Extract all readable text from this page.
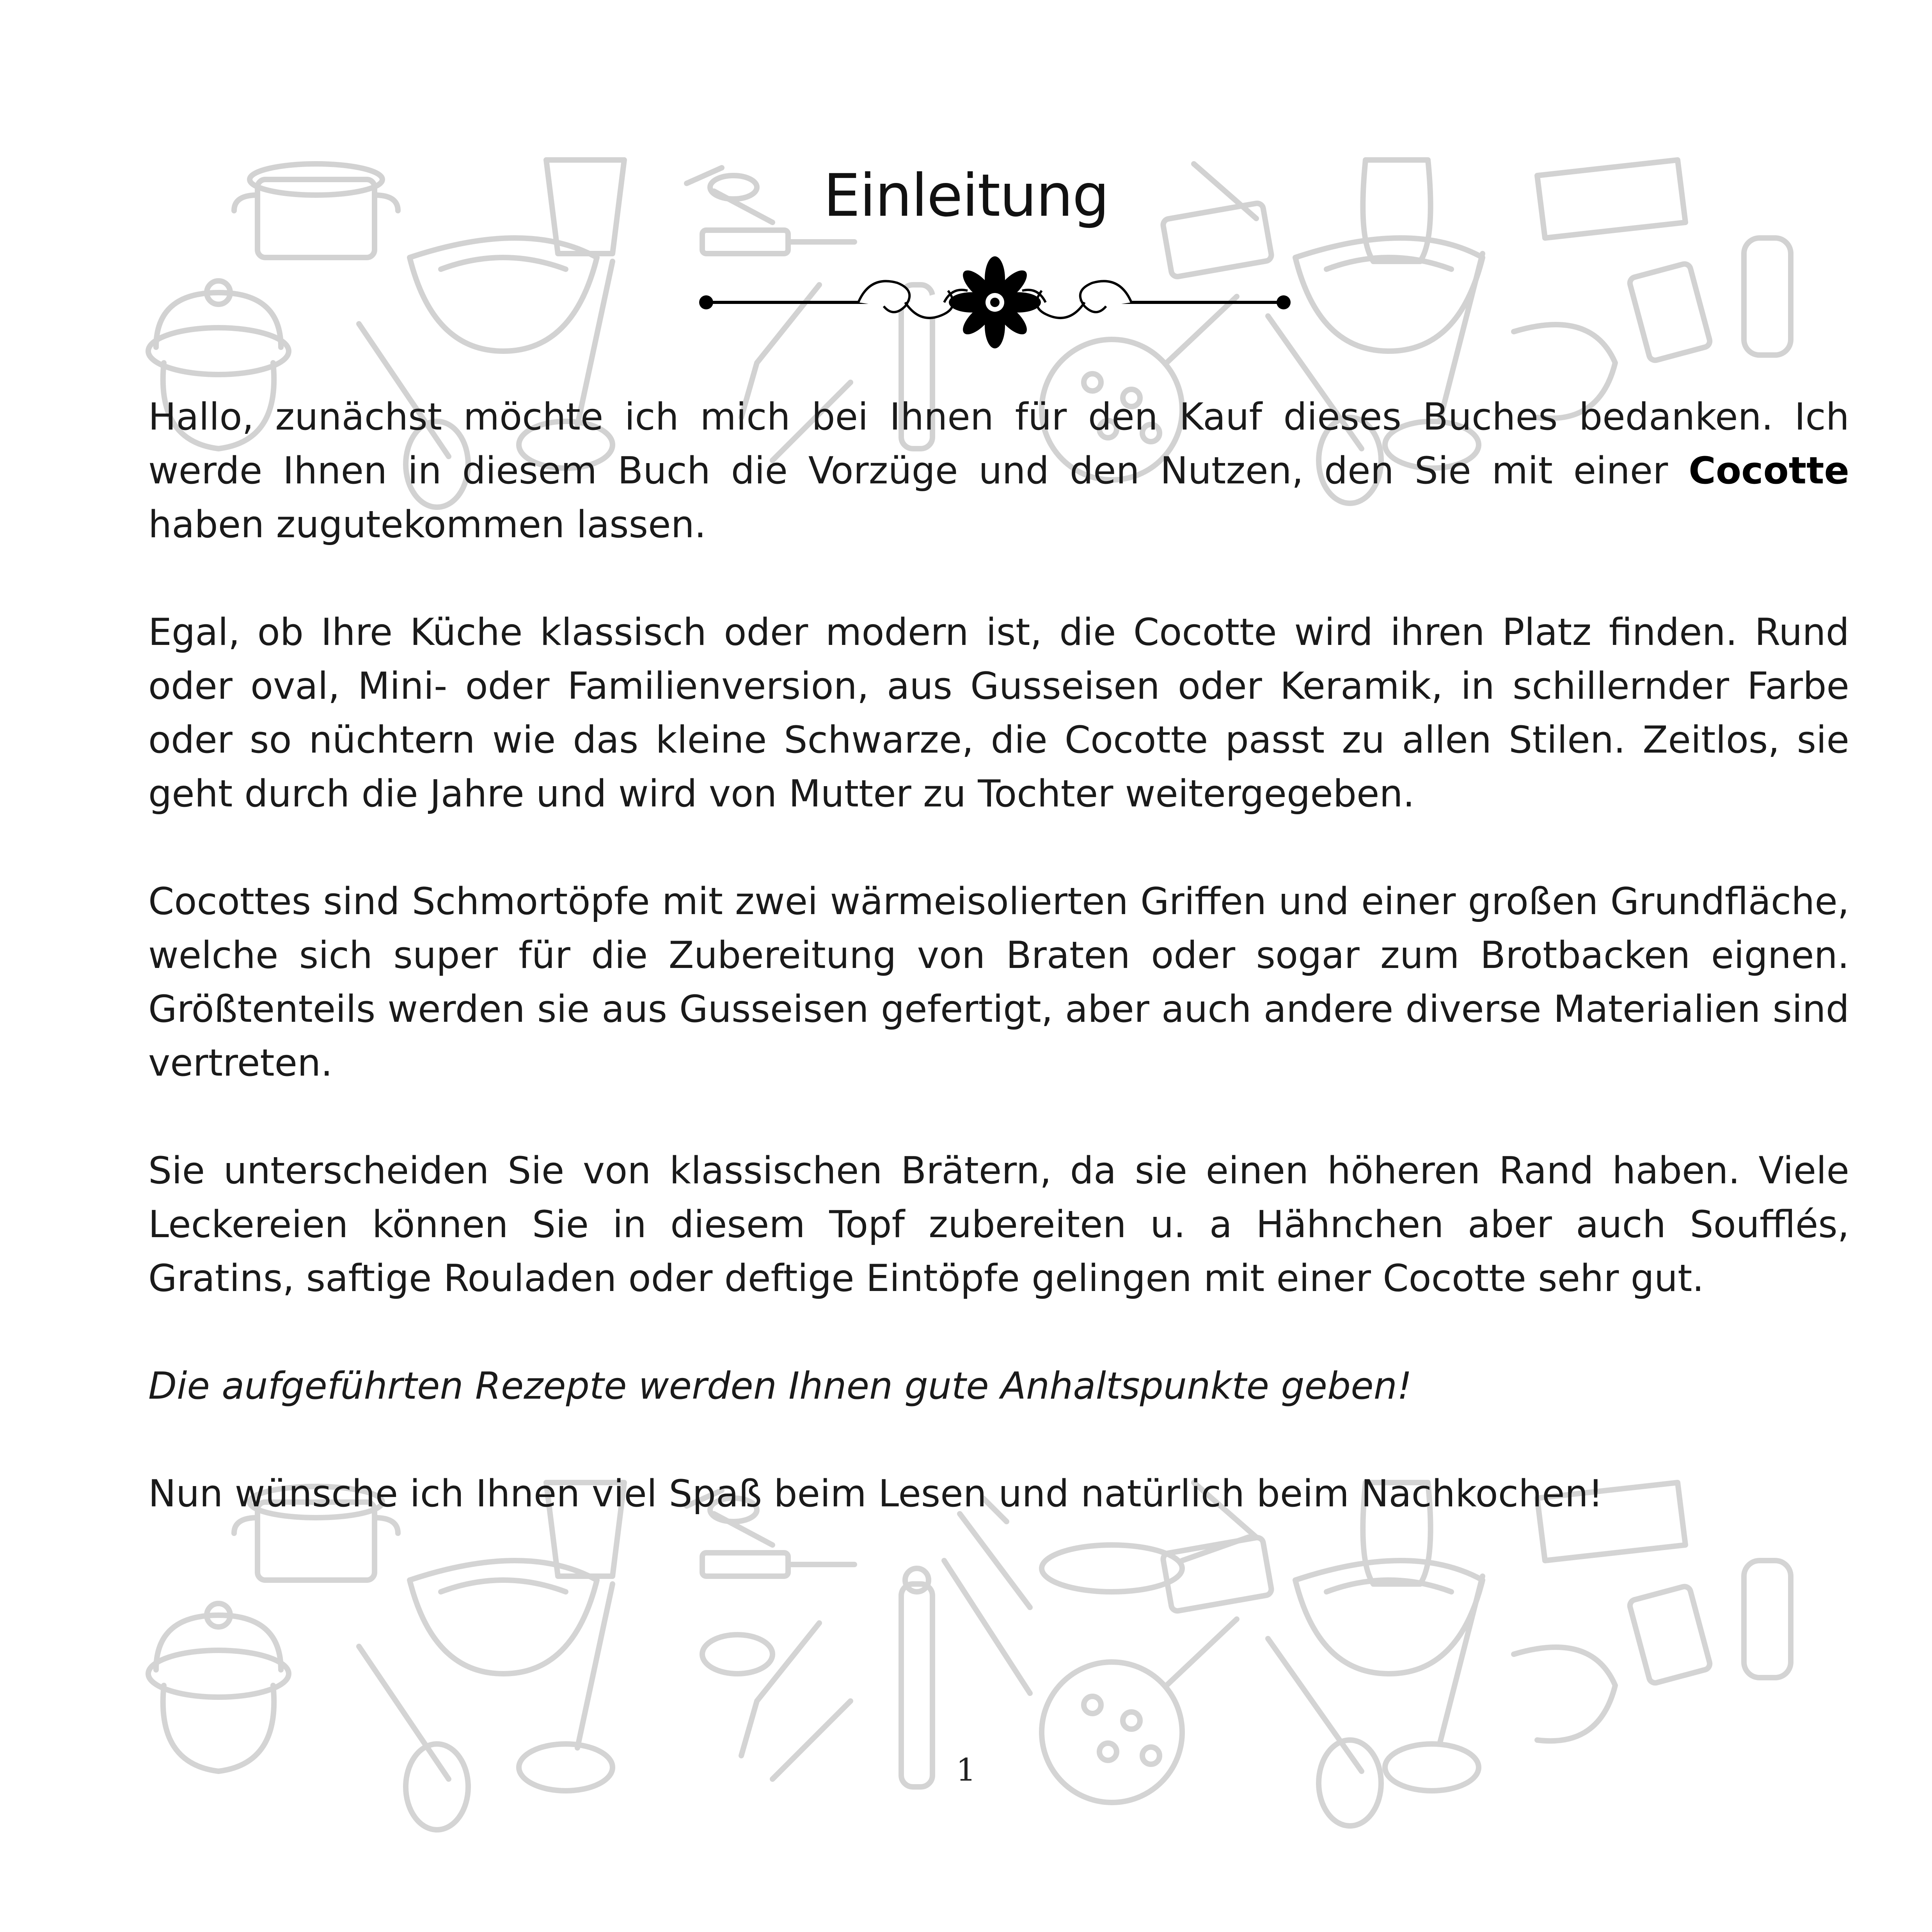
Einleitung

Hallo, zunächst möchte ich mich bei Ihnen für den Kauf dieses Buches bedanken. Ich werde Ihnen in diesem Buch die Vorzüge und den Nutzen, den Sie mit einer Cocotte haben zugutekommen lassen.

Egal, ob Ihre Küche klassisch oder modern ist, die Cocotte wird ihren Platz finden. Rund oder oval, Mini- oder Familienversion, aus Gusseisen oder Keramik, in schillernder Farbe oder so nüchtern wie das kleine Schwarze, die Cocotte passt zu allen Stilen. Zeitlos, sie geht durch die Jahre und wird von Mutter zu Tochter weitergegeben.

Cocottes sind Schmortöpfe mit zwei wärmeisolierten Griffen und einer großen Grundfläche, welche sich super für die Zubereitung von Braten oder sogar zum Brotbacken eignen. Größtenteils werden sie aus Gusseisen gefertigt, aber auch andere diverse Materialien sind vertreten.

Sie unterscheiden Sie von klassischen Brätern, da sie einen höheren Rand haben. Viele Leckereien können Sie in diesem Topf zubereiten u. a Hähnchen aber auch Soufflés, Gratins, saftige Rouladen oder deftige Eintöpfe gelingen mit einer Cocotte sehr gut.

Die aufgeführten Rezepte werden Ihnen gute Anhaltspunkte geben!

Nun wünsche ich Ihnen viel Spaß beim Lesen und natürlich beim Nachkochen!

1
